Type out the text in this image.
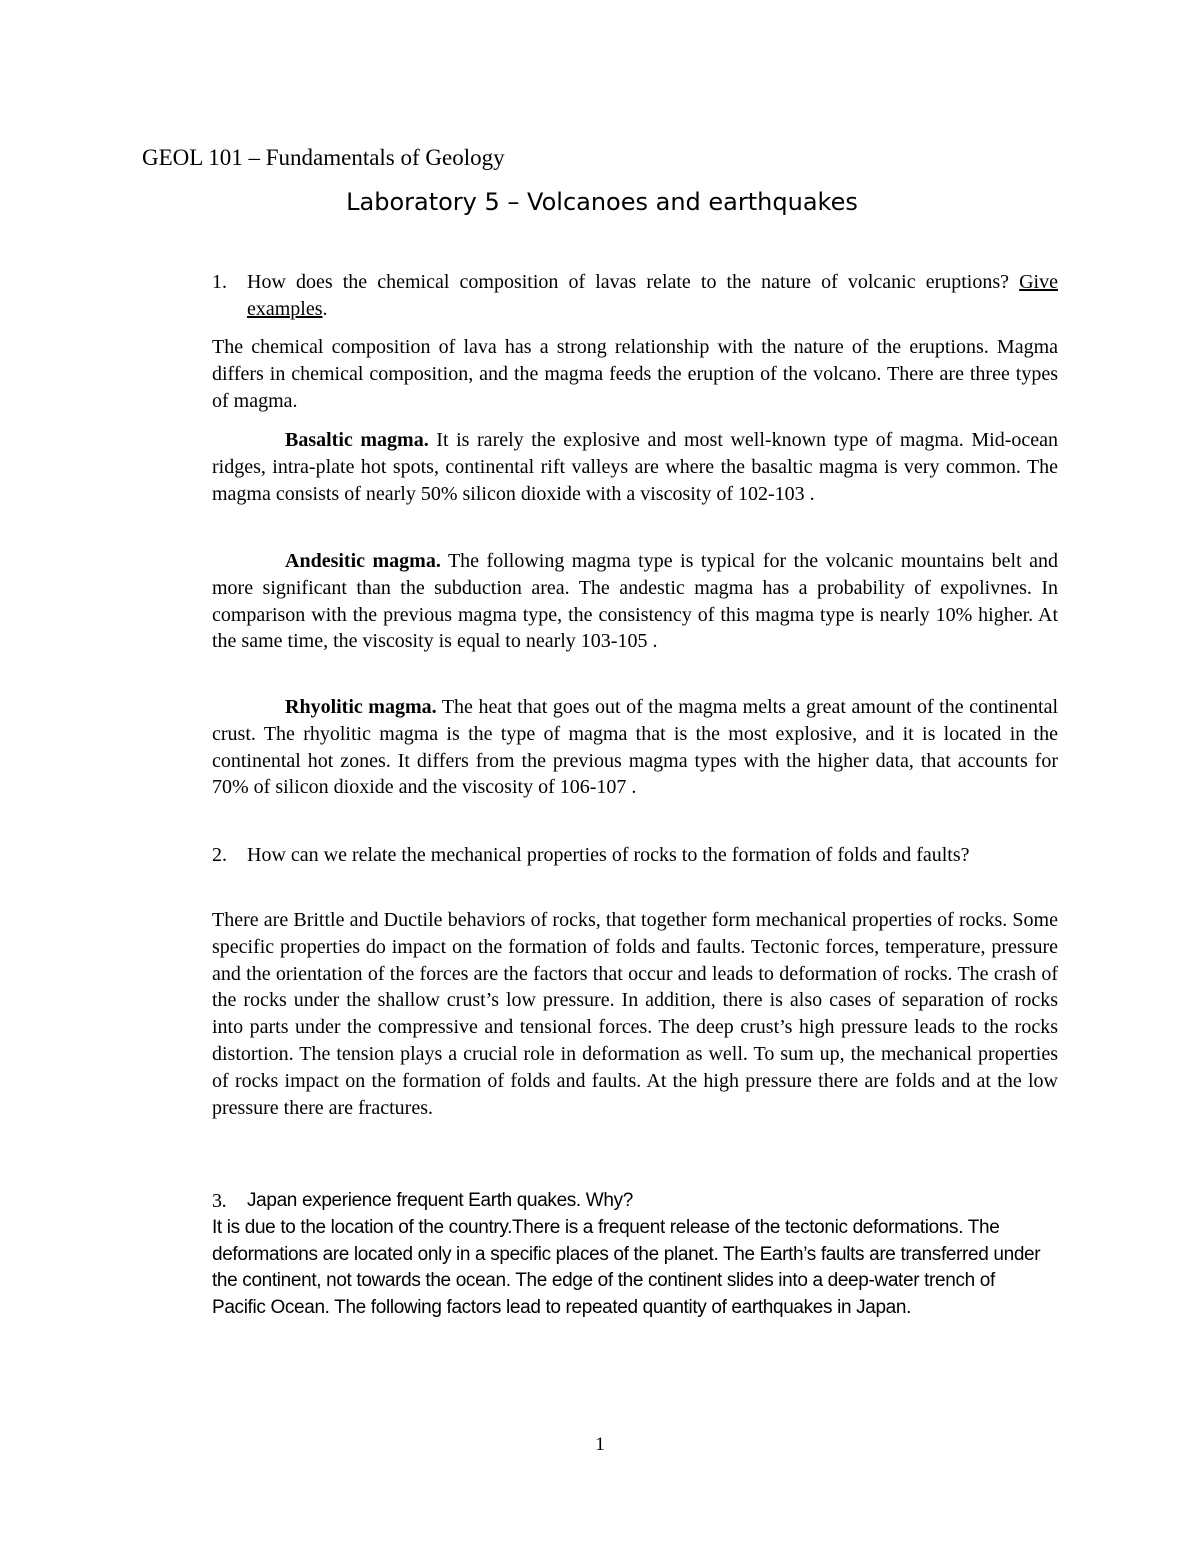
GEOL 101 – Fundamentals of Geology
Laboratory 5 – Volcanoes and earthquakes
1.	How does the chemical composition of lavas relate to the nature of volcanic eruptions? Give examples.
The chemical composition of lava has a strong relationship with the nature of the eruptions. Magma differs in chemical composition, and the magma feeds the eruption of the volcano. There are three types of magma.
Basaltic magma. It is rarely the explosive and most well-known type of magma. Mid-ocean ridges, intra-plate hot spots, continental rift valleys are where the basaltic magma is very common. The magma consists of nearly 50% silicon dioxide with a viscosity of 102-103 .
Andesitic magma. The following magma type is typical for the volcanic mountains belt and more significant than the subduction area. The andestic magma has a probability of expolivnes. In comparison with the previous magma type, the consistency of this magma type is nearly 10% higher. At the same time, the viscosity is equal to nearly 103-105 .
Rhyolitic magma. The heat that goes out of the magma melts a great amount of the continental crust. The rhyolitic magma is the type of magma that is the most explosive, and it is located in the continental hot zones. It differs from the previous magma types with the higher data, that accounts for 70% of silicon dioxide and the viscosity of 106-107 .
2.	How can we relate the mechanical properties of rocks to the formation of folds and faults?
There are Brittle and Ductile behaviors of rocks, that together form mechanical properties of rocks. Some specific properties do impact on the formation of folds and faults. Tectonic forces, temperature, pressure and the orientation of the forces are the factors that occur and leads to deformation of rocks. The crash of the rocks under the shallow crust’s low pressure. In addition, there is also cases of separation of rocks into parts under the compressive and tensional forces. The deep crust’s high pressure leads to the rocks distortion. The tension plays a crucial role in deformation as well. To sum up, the mechanical properties of rocks impact on the formation of folds and faults. At the high pressure there are folds and at the low pressure there are fractures.
3. Japan experience frequent Earth quakes. Why?
It is due to the location of the country.There is a frequent release of the tectonic deformations. The deformations are located only in a specific places of the planet. The Earth’s faults are transferred under the continent, not towards the ocean. The edge of the continent slides into a deep-water trench of Pacific Ocean. The following factors lead to repeated quantity of earthquakes in Japan.
1
